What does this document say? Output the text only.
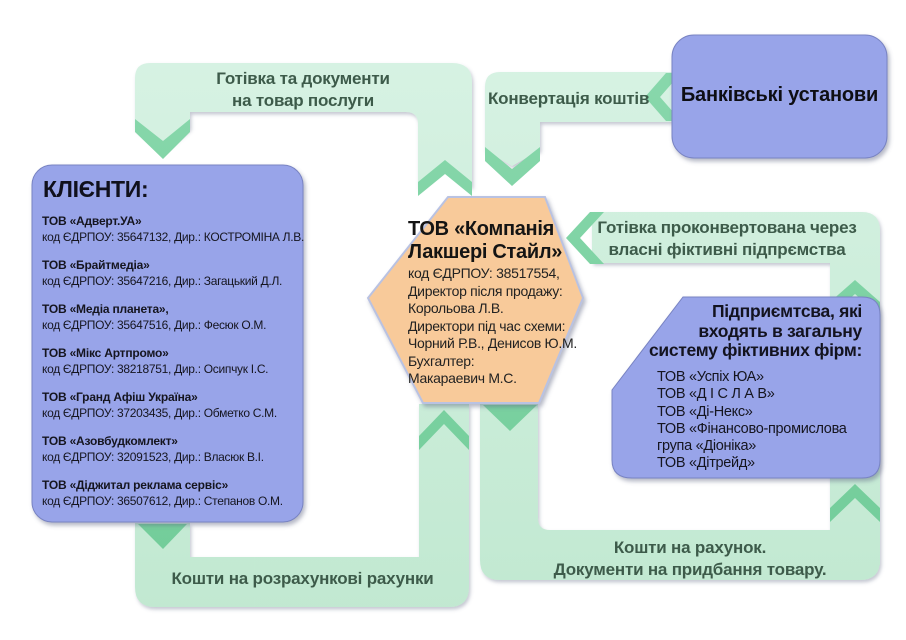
Готівка та документи
на товар послуги	Конвертація коштів
Готівка проконвертована через
власні фіктивні підпрємства
Кошти на розрахункові рахунки
Кошти на рахунок.
Документи на придбання товару.
Банківські установи
КЛІЄНТИ:
ТОВ «Адверт.УА»
код ЄДРПОУ: 35647132, Дир.: КОСТРОМІНА Л.В.
ТОВ «Брайтмедіа»
код ЄДРПОУ: 35647216, Дир.: Загацький Д.Л.
ТОВ «Медіа планета»,
код ЄДРПОУ: 35647516, Дир.: Фесюк О.М.
ТОВ «Мікс Артпромо»
код ЄДРПОУ: 38218751, Дир.: Осипчук І.С.
ТОВ «Гранд Афіш Україна»
код ЄДРПОУ: 37203435, Дир.: Обметко С.М.
ТОВ «Азовбудкомлект»
код ЄДРПОУ: 32091523, Дир.: Власюк В.І.
ТОВ «Діджитал реклама сервіс»
код ЄДРПОУ: 36507612, Дир.: Степанов О.М.
ТОВ «Компанія
Лакшері Стайл»
код ЄДРПОУ: 38517554,
Директор після продажу:
Корольова Л.В.
Директори під час схеми:
Чорний Р.В., Денисов Ю.М.
Бухгалтер:
Макараевич М.С.
Підприємтсва, які
входять в загальну
систему фіктивних фірм:
ТОВ «Успіх ЮА»
ТОВ «Д І С Л А В»
ТОВ «Ді-Некс»
ТОВ «Фінансово-промислова
група «Діоніка»
ТОВ «Дітрейд»
